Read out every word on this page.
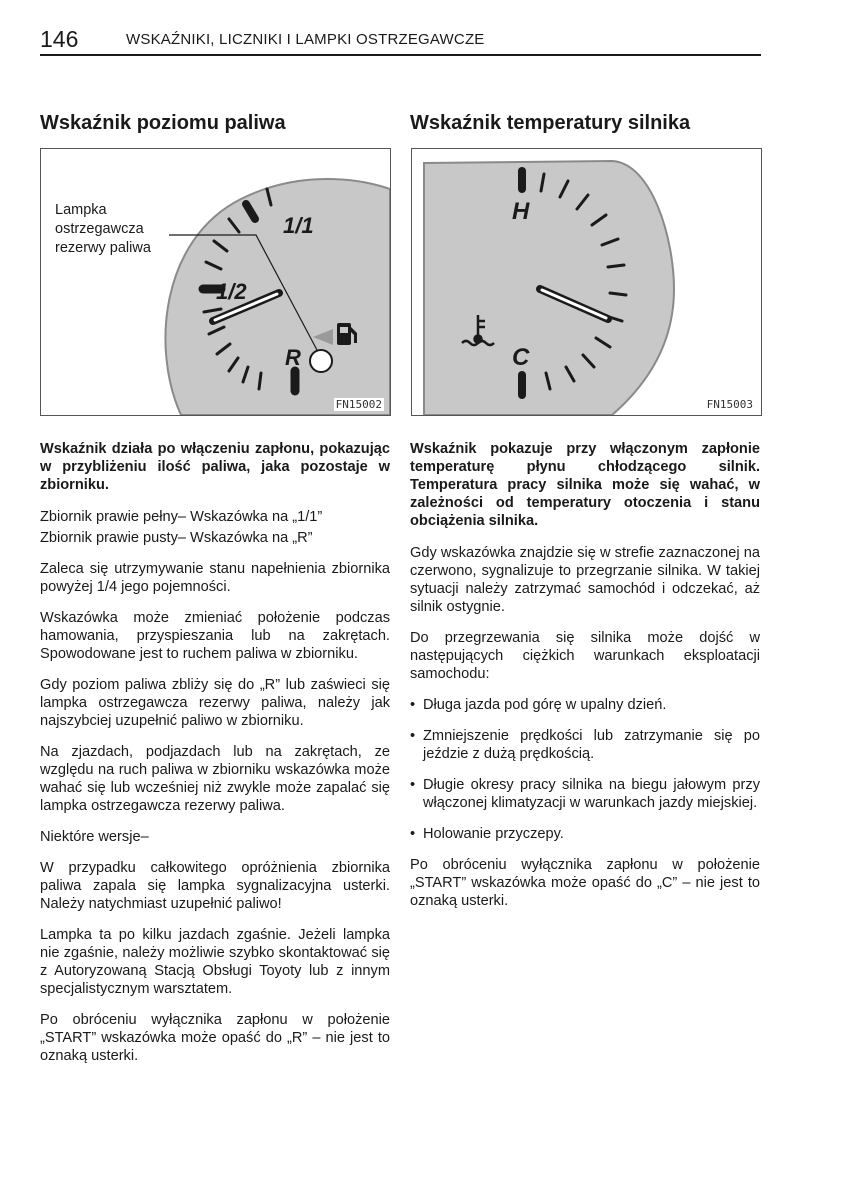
146	WSKAŹNIKI, LICZNIKI I LAMPKI OSTRZEGAWCZE
Wskaźnik poziomu paliwa	Wskaźnik temperatury silnika
1/1
1/2
R
Lampka
ostrzegawcza
rezerwy paliwa
FN15002
H
C
FN15003

Wskaźnik działa po włączeniu zapłonu, pokazując w przybliżeniu ilość paliwa, jaka pozostaje w zbiorniku.

Zbiornik prawie pełny– Wskazówka na „1/1”

Zbiornik prawie pusty– Wskazówka na „R”

Zaleca się utrzymywanie stanu napełnienia zbiornika powyżej 1/4 jego pojemności.

Wskazówka może zmieniać położenie podczas hamowania, przyspieszania lub na zakrętach. Spowodowane jest to ruchem paliwa w zbiorniku.

Gdy poziom paliwa zbliży się do „R” lub zaświeci się lampka ostrzegawcza rezerwy paliwa, należy jak najszybciej uzupełnić paliwo w zbiorniku.

Na zjazdach, podjazdach lub na zakrętach, ze względu na ruch paliwa w zbiorniku wskazówka może wahać się lub wcześniej niż zwykle może zapalać się lampka ostrzegawcza rezerwy paliwa.

Niektóre wersje–

W przypadku całkowitego opróżnienia zbiornika paliwa zapala się lampka sygnalizacyjna usterki. Należy natychmiast uzupełnić paliwo!

Lampka ta po kilku jazdach zgaśnie. Jeżeli lampka nie zgaśnie, należy możliwie szybko skontaktować się z Autoryzowaną Stacją Obsługi Toyoty lub z innym specjalistycznym warsztatem.

Po obróceniu wyłącznika zapłonu w położenie „START” wskazówka może opaść do „R” – nie jest to oznaką usterki.

Wskaźnik pokazuje przy włączonym zapłonie temperaturę płynu chłodzącego silnik. Temperatura pracy silnika może się wahać, w zależności od temperatury otoczenia i stanu obciążenia silnika.

Gdy wskazówka znajdzie się w strefie zaznaczonej na czerwono, sygnalizuje to przegrzanie silnika. W takiej sytuacji należy zatrzymać samochód i odczekać, aż silnik ostygnie.

Do przegrzewania się silnika może dojść w następujących ciężkich warunkach eksploatacji samochodu:

• Długa jazda pod górę w upalny dzień.
• Zmniejszenie prędkości lub zatrzymanie się po jeździe z dużą prędkością.
• Długie okresy pracy silnika na biegu jałowym przy włączonej klimatyzacji w warunkach jazdy miejskiej.
• Holowanie przyczepy.

Po obróceniu wyłącznika zapłonu w położenie „START” wskazówka może opaść do „C” – nie jest to oznaką usterki.
